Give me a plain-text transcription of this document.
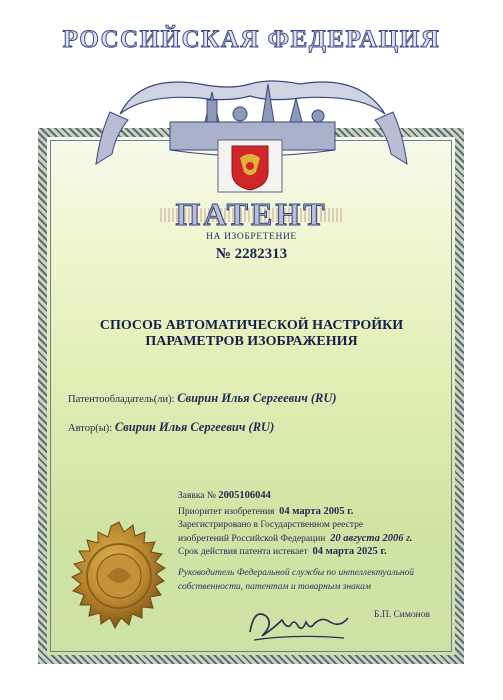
РОССИЙСКАЯ ФЕДЕРАЦИЯ
ПАТЕНТ
НА ИЗОБРЕТЕНИЕ
№ 2282313
СПОСОБ АВТОМАТИЧЕСКОЙ НАСТРОЙКИ
ПАРАМЕТРОВ ИЗОБРАЖЕНИЯ
Патентообладатель(ли): Свирин Илья Сергеевич (RU)
Автор(ы): Свирин Илья Сергеевич (RU)
Заявка № 2005106044
Приоритет изобретения 04 марта 2005 г.
Зарегистрировано в Государственном реестре
изобретений Российской Федерации 20 августа 2006 г.
Срок действия патента истекает 04 марта 2025 г.
Руководитель Федеральной службы по интеллектуальной
собственности, патентам и товарным знакам
Б.П. Симонов
